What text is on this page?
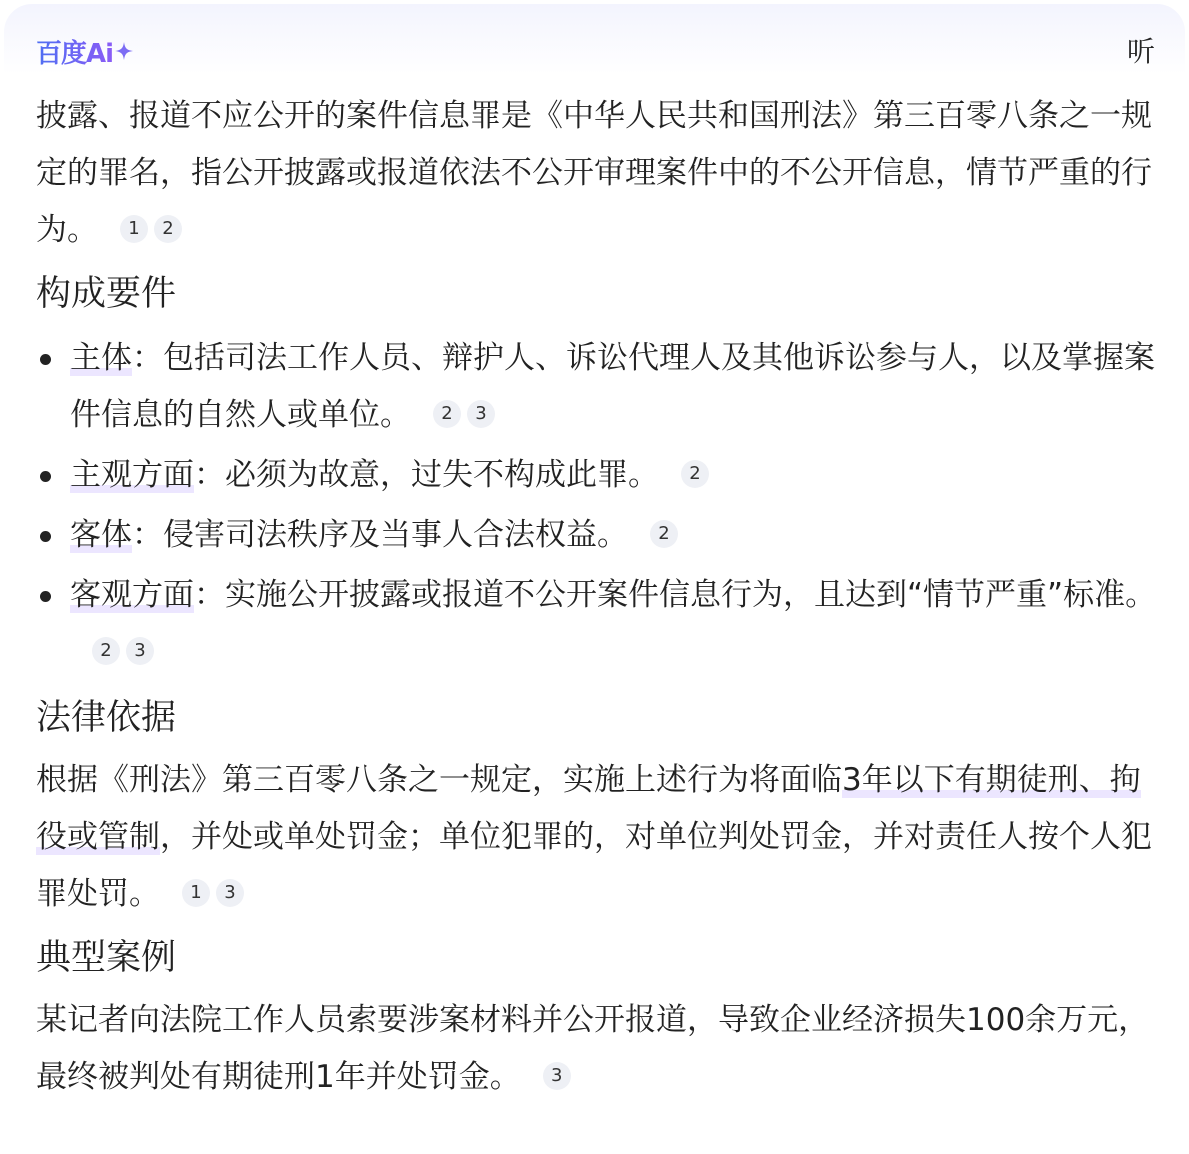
百度Ai	听

披露、报道不应公开的案件信息罪是《中华人民共和国刑法》第三百零八条之一规定的罪名，指公开披露或报道依法不公开审理案件中的不公开信息，情节严重的行为。 1 2

构成要件
主体：包括司法工作人员、辩护人、诉讼代理人及其他诉讼参与人，以及掌握案件信息的自然人或单位。 2 3
主观方面：必须为故意，过失不构成此罪。 2
客体：侵害司法秩序及当事人合法权益。 2
客观方面：实施公开披露或报道不公开案件信息行为，且达到“情节严重”标准。2 3
法律依据

根据《刑法》第三百零八条之一规定，实施上述行为将面临3年以下有期徒刑、拘役或管制，并处或单处罚金；单位犯罪的，对单位判处罚金，并对责任人按个人犯罪处罚。 1 3

典型案例

某记者向法院工作人员索要涉案材料并公开报道，导致企业经济损失100余万元，最终被判处有期徒刑1年并处罚金。 3
